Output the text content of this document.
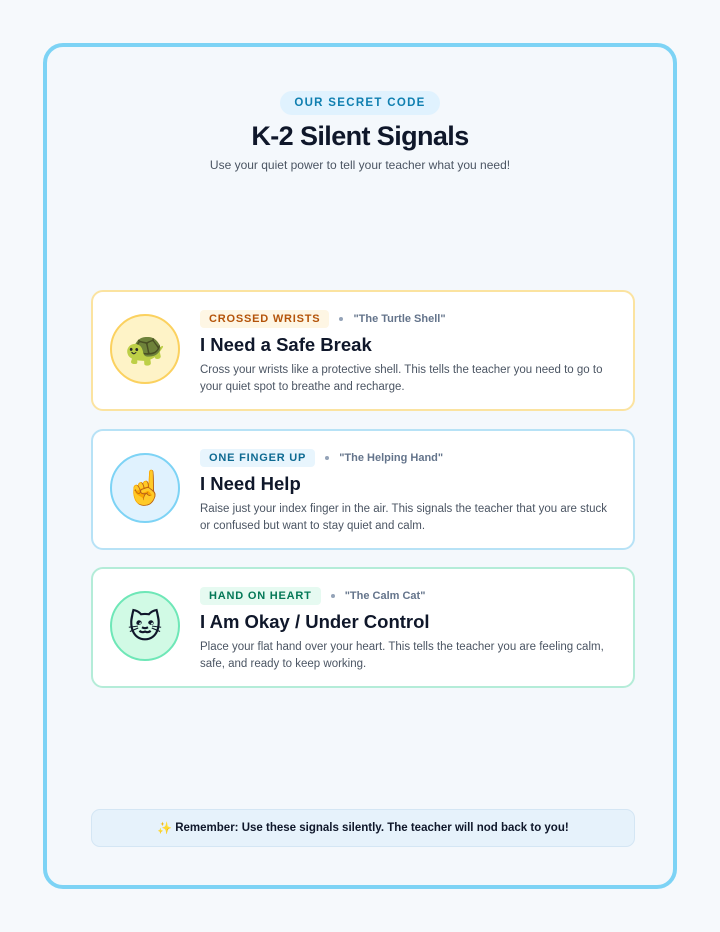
OUR SECRET CODE
K-2 Silent Signals
Use your quiet power to tell your teacher what you need!
🐢
CROSSED WRISTS	"The Turtle Shell"
I Need a Safe Break
Cross your wrists like a protective shell. This tells the teacher you need to go to your quiet spot to breathe and recharge.
☝️
ONE FINGER UP	"The Helping Hand"
I Need Help
Raise just your index finger in the air. This signals the teacher that you are stuck or confused but want to stay quiet and calm.
🐱
HAND ON HEART	"The Calm Cat"
I Am Okay / Under Control
Place your flat hand over your heart. This tells the teacher you are feeling calm, safe, and ready to keep working.
✨ Remember: Use these signals silently. The teacher will nod back to you!
